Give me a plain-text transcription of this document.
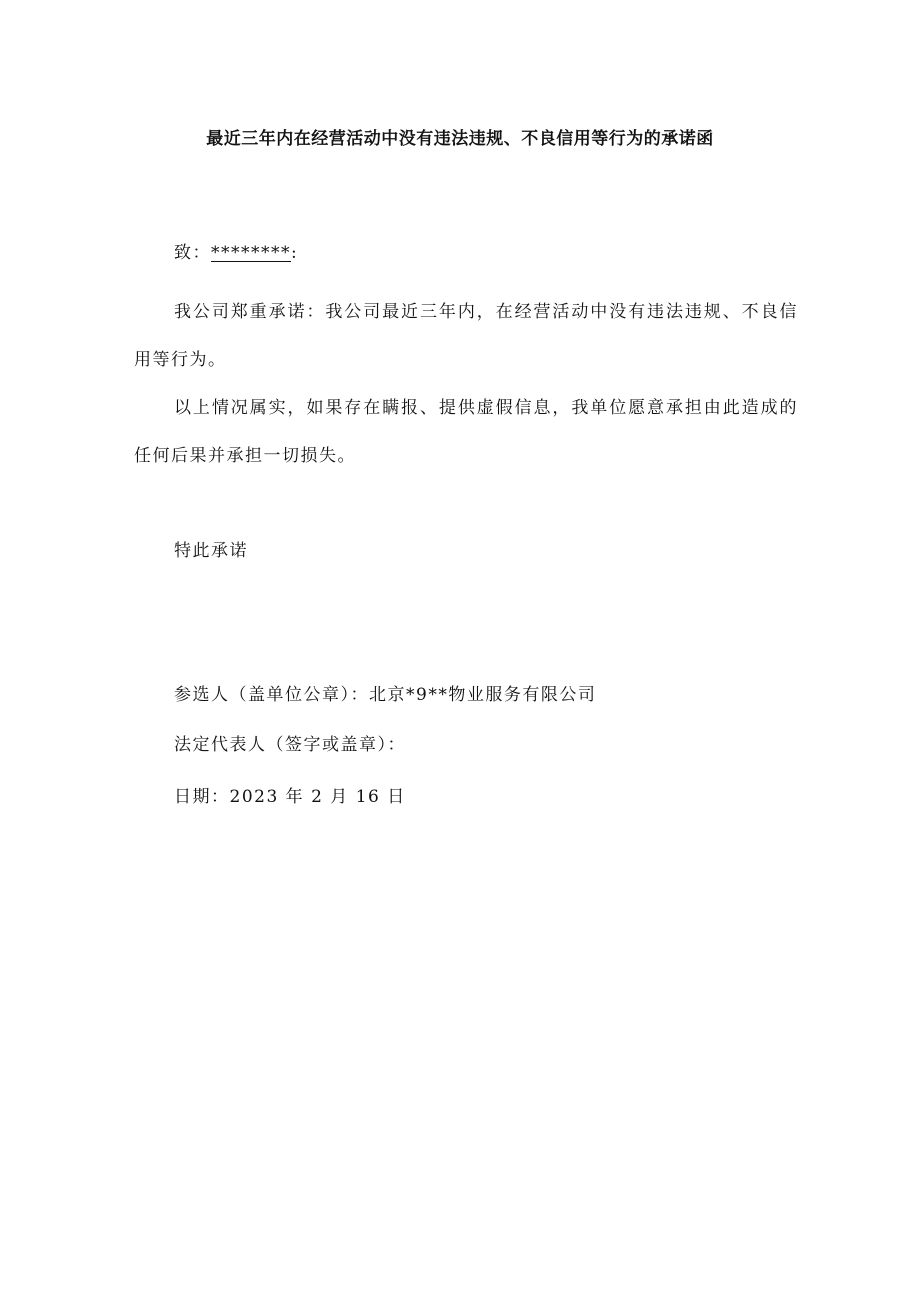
最近三年内在经营活动中没有违法违规、不良信用等行为的承诺函
致：********:
我公司郑重承诺：我公司最近三年内，在经营活动中没有违法违规、不良信用等行为。
以上情况属实，如果存在瞒报、提供虚假信息，我单位愿意承担由此造成的任何后果并承担一切损失。
特此承诺
参选人（盖单位公章）：北京*9**物业服务有限公司
法定代表人（签字或盖章）：
日期：2023 年 2 月 16 日
